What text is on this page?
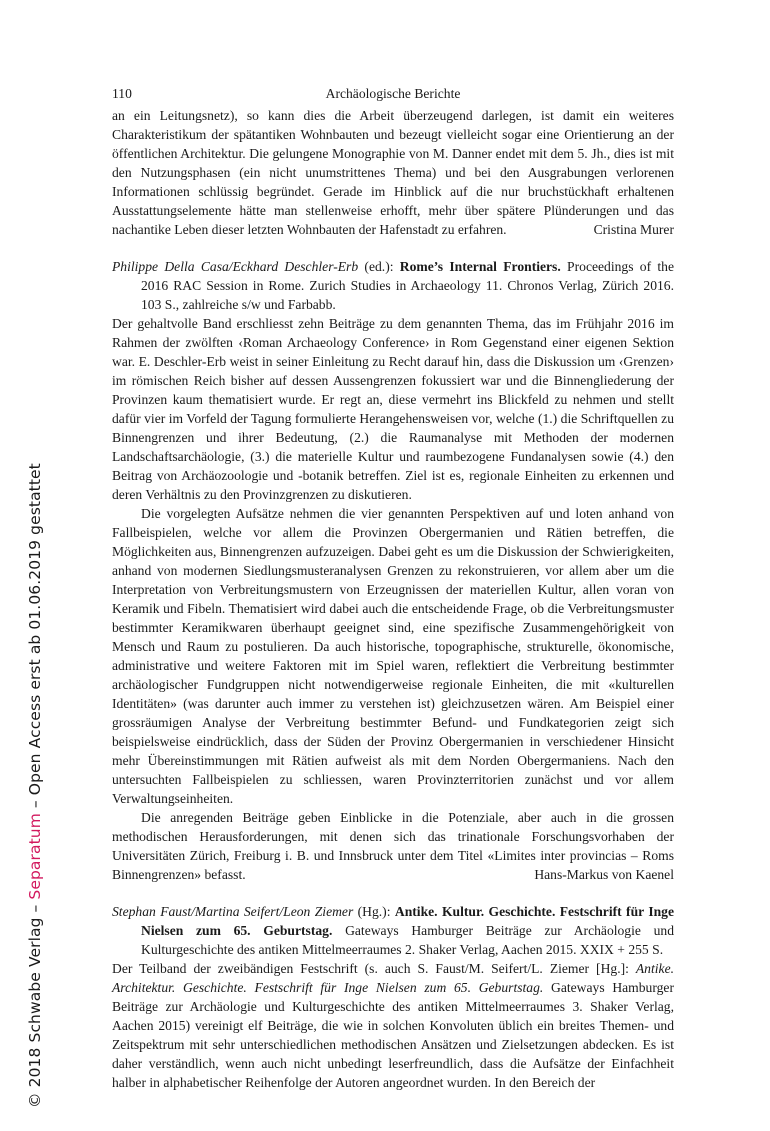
110	Archäologische Berichte

an ein Leitungsnetz), so kann dies die Arbeit überzeugend darlegen, ist damit ein weiteres Charakteristikum der spätantiken Wohnbauten und bezeugt vielleicht sogar eine Orientierung an der öffentlichen Architektur. Die gelungene Monographie von M. Danner endet mit dem 5. Jh., dies ist mit den Nutzungsphasen (ein nicht unumstrittenes Thema) und bei den Ausgrabungen verlorenen Informationen schlüssig begründet. Gerade im Hinblick auf die nur bruchstückhaft erhaltenen Ausstattungselemente hätte man stellenweise erhofft, mehr über spätere Plünderungen und das nachantike Leben dieser letzten Wohnbauten der Hafenstadt zu erfahren.	Cristina Murer

Philippe Della Casa/Eckhard Deschler-Erb (ed.): Rome’s Internal Frontiers. Proceedings of the 2016 RAC Session in Rome. Zurich Studies in Archaeology 11. Chronos Verlag, Zürich 2016. 103 S., zahlreiche s/w und Farbabb.

Der gehaltvolle Band erschliesst zehn Beiträge zu dem genannten Thema, das im Frühjahr 2016 im Rahmen der zwölften ‹Roman Archaeology Conference› in Rom Gegenstand einer eigenen Sektion war. E. Deschler-Erb weist in seiner Einleitung zu Recht darauf hin, dass die Diskussion um ‹Grenzen› im römischen Reich bisher auf dessen Aussengrenzen fokussiert war und die Binnengliederung der Provinzen kaum thematisiert wurde. Er regt an, diese vermehrt ins Blickfeld zu nehmen und stellt dafür vier im Vorfeld der Tagung formulierte Herangehensweisen vor, welche (1.) die Schriftquellen zu Binnengrenzen und ihrer Bedeutung, (2.) die Raumanalyse mit Methoden der modernen Landschaftsarchäologie, (3.) die materielle Kultur und raumbezogene Fundanalysen sowie (4.) den Beitrag von Archäozoologie und -botanik betreffen. Ziel ist es, regionale Einheiten zu erkennen und deren Verhältnis zu den Provinzgrenzen zu diskutieren.

Die vorgelegten Aufsätze nehmen die vier genannten Perspektiven auf und loten anhand von Fallbeispielen, welche vor allem die Provinzen Obergermanien und Rätien betreffen, die Möglichkeiten aus, Binnengrenzen aufzuzeigen. Dabei geht es um die Diskussion der Schwierigkeiten, anhand von modernen Siedlungsmusteranalysen Grenzen zu rekonstruieren, vor allem aber um die Interpretation von Verbreitungsmustern von Erzeugnissen der materiellen Kultur, allen voran von Keramik und Fibeln. Thematisiert wird dabei auch die entscheidende Frage, ob die Verbreitungsmuster bestimmter Keramikwaren überhaupt geeignet sind, eine spezifische Zusammengehörigkeit von Mensch und Raum zu postulieren. Da auch historische, topographische, strukturelle, ökonomische, administrative und weitere Faktoren mit im Spiel waren, reflektiert die Verbreitung bestimmter archäologischer Fundgruppen nicht notwendigerweise regionale Einheiten, die mit «kulturellen Identitäten» (was darunter auch immer zu verstehen ist) gleichzusetzen wären. Am Beispiel einer grossräumigen Analyse der Verbreitung bestimmter Befund- und Fundkategorien zeigt sich beispielsweise eindrücklich, dass der Süden der Provinz Obergermanien in verschiedener Hinsicht mehr Übereinstimmungen mit Rätien aufweist als mit dem Norden Obergermaniens. Nach den untersuchten Fallbeispielen zu schliessen, waren Provinzterritorien zunächst und vor allem Verwaltungseinheiten.

Die anregenden Beiträge geben Einblicke in die Potenziale, aber auch in die grossen methodischen Herausforderungen, mit denen sich das trinationale Forschungsvorhaben der Universitäten Zürich, Freiburg i. B. und Innsbruck unter dem Titel «Limites inter provincias – Roms Binnengrenzen» befasst.	Hans-Markus von Kaenel

Stephan Faust/Martina Seifert/Leon Ziemer (Hg.): Antike. Kultur. Geschichte. Festschrift für Inge Nielsen zum 65. Geburtstag. Gateways Hamburger Beiträge zur Archäologie und Kulturgeschichte des antiken Mittelmeerraumes 2. Shaker Verlag, Aachen 2015. XXIX + 255 S.

Der Teilband der zweibändigen Festschrift (s. auch S. Faust/M. Seifert/L. Ziemer [Hg.]: Antike. Architektur. Geschichte. Festschrift für Inge Nielsen zum 65. Geburtstag. Gateways Hamburger Beiträge zur Archäologie und Kulturgeschichte des antiken Mittelmeerraumes 3. Shaker Verlag, Aachen 2015) vereinigt elf Beiträge, die wie in solchen Konvoluten üblich ein breites Themen- und Zeitspektrum mit sehr unterschiedlichen methodischen Ansätzen und Zielsetzungen abdecken. Es ist daher verständlich, wenn auch nicht unbedingt leserfreundlich, dass die Aufsätze der Einfachheit halber in alphabetischer Reihenfolge der Autoren angeordnet wurden. In den Bereich der

© 2018 Schwabe Verlag – Separatum – Open Access erst ab 01.06.2019 gestattet
